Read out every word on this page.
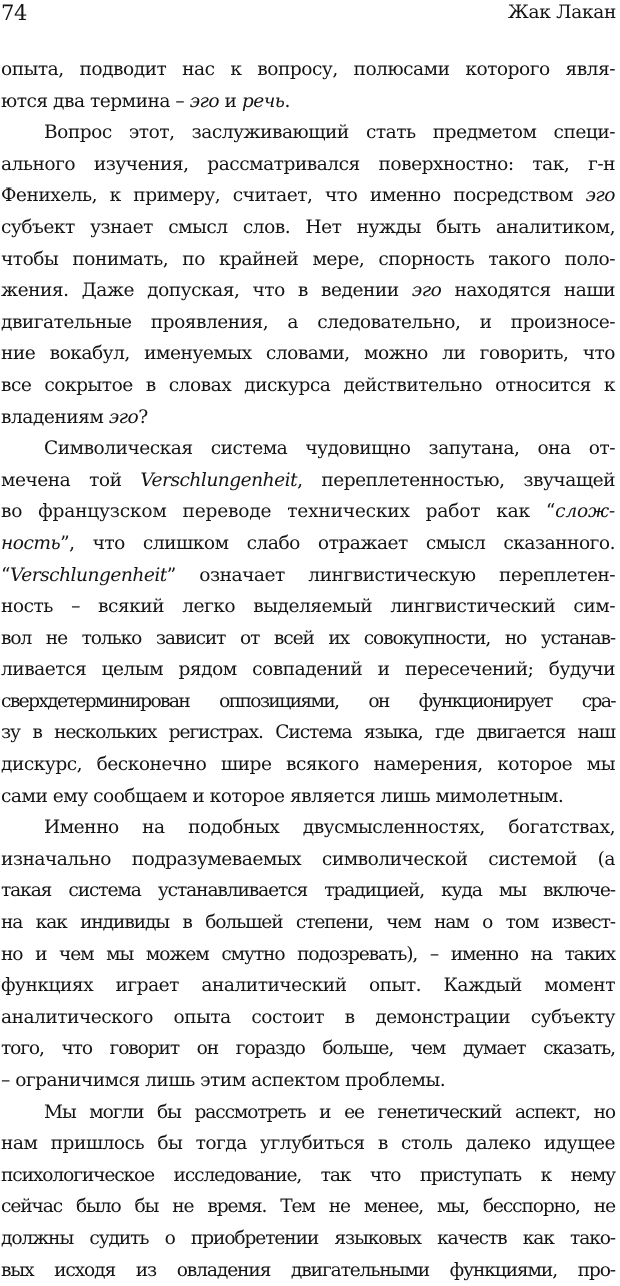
74	Жак Лакан
опыта, подводит нас к вопросу, полюсами которого явля-
ются два термина – эго и речь.
Вопрос этот, заслуживающий стать предметом специ-
ального изучения, рассматривался поверхностно: так, г-н
Фенихель, к примеру, считает, что именно посредством эго
субъект узнает смысл слов. Нет нужды быть аналитиком,
чтобы понимать, по крайней мере, спорность такого поло-
жения. Даже допуская, что в ведении эго находятся наши
двигательные проявления, а следовательно, и произносе-
ние вокабул, именуемых словами, можно ли говорить, что
все сокрытое в словах дискурса действительно относится к
владениям эго?
Символическая система чудовищно запутана, она от-
мечена той Verschlungenheit, переплетенностью, звучащей
во французском переводе технических работ как “слож-
ность”, что слишком слабо отражает смысл сказанного.
“Verschlungenheit” означает лингвистическую переплетен-
ность – всякий легко выделяемый лингвистический сим-
вол не только зависит от всей их совокупности, но устанав-
ливается целым рядом совпадений и пересечений; будучи
сверхдетерминирован оппозициями, он функционирует сра-
зу в нескольких регистрах. Система языка, где двигается наш
дискурс, бесконечно шире всякого намерения, которое мы
сами ему сообщаем и которое является лишь мимолетным.
Именно на подобных двусмысленностях, богатствах,
изначально подразумеваемых символической системой (а
такая система устанавливается традицией, куда мы включе-
на как индивиды в большей степени, чем нам о том извест-
но и чем мы можем смутно подозревать), – именно на таких
функциях играет аналитический опыт. Каждый момент
аналитического опыта состоит в демонстрации субъекту
того, что говорит он гораздо больше, чем думает сказать,
– ограничимся лишь этим аспектом проблемы.
Мы могли бы рассмотреть и ее генетический аспект, но
нам пришлось бы тогда углубиться в столь далеко идущее
психологическое исследование, так что приступать к нему
сейчас было бы не время. Тем не менее, мы, бесспорно, не
должны судить о приобретении языковых качеств как тако-
вых исходя из овладения двигательными функциями, про-
